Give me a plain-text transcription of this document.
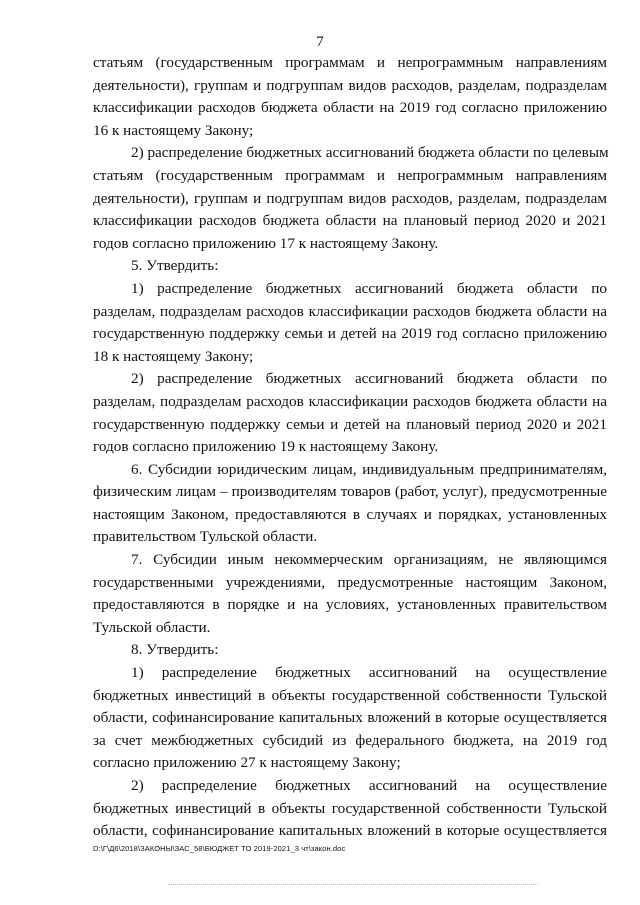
7
статьям (государственным программам и непрограммным направлениям
деятельности), группам и подгруппам видов расходов, разделам, подразделам
классификации расходов бюджета области на 2019 год согласно приложению
16 к настоящему Закону;
2) распределение бюджетных ассигнований бюджета области по целевым
статьям (государственным программам и непрограммным направлениям
деятельности), группам и подгруппам видов расходов, разделам, подразделам
классификации расходов бюджета области на плановый период 2020 и 2021
годов согласно приложению 17 к настоящему Закону.
5. Утвердить:
1) распределение бюджетных ассигнований бюджета области по
разделам, подразделам расходов классификации расходов бюджета области на
государственную поддержку семьи и детей на 2019 год согласно приложению
18 к настоящему Закону;
2) распределение бюджетных ассигнований бюджета области по
разделам, подразделам расходов классификации расходов бюджета области на
государственную поддержку семьи и детей на плановый период 2020 и 2021
годов согласно приложению 19 к настоящему Закону.
6. Субсидии юридическим лицам, индивидуальным предпринимателям,
физическим лицам – производителям товаров (работ, услуг), предусмотренные
настоящим Законом, предоставляются в случаях и порядках, установленных
правительством Тульской области.
7. Субсидии иным некоммерческим организациям, не являющимся
государственными учреждениями, предусмотренные настоящим Законом,
предоставляются в порядке и на условиях, установленных правительством
Тульской области.
8. Утвердить:
1) распределение бюджетных ассигнований на осуществление
бюджетных инвестиций в объекты государственной собственности Тульской
области, софинансирование капитальных вложений в которые осуществляется
за счет межбюджетных субсидий из федерального бюджета, на 2019 год
согласно приложению 27 к настоящему Закону;
2) распределение бюджетных ассигнований на осуществление
бюджетных инвестиций в объекты государственной собственности Тульской
области, софинансирование капитальных вложений в которые осуществляется
D:\Г\Д6\2018\ЗАКОНЫ\ЗАС_58\БЮДЖЕТ ТО 2019-2021_3 чт\закон.doc
